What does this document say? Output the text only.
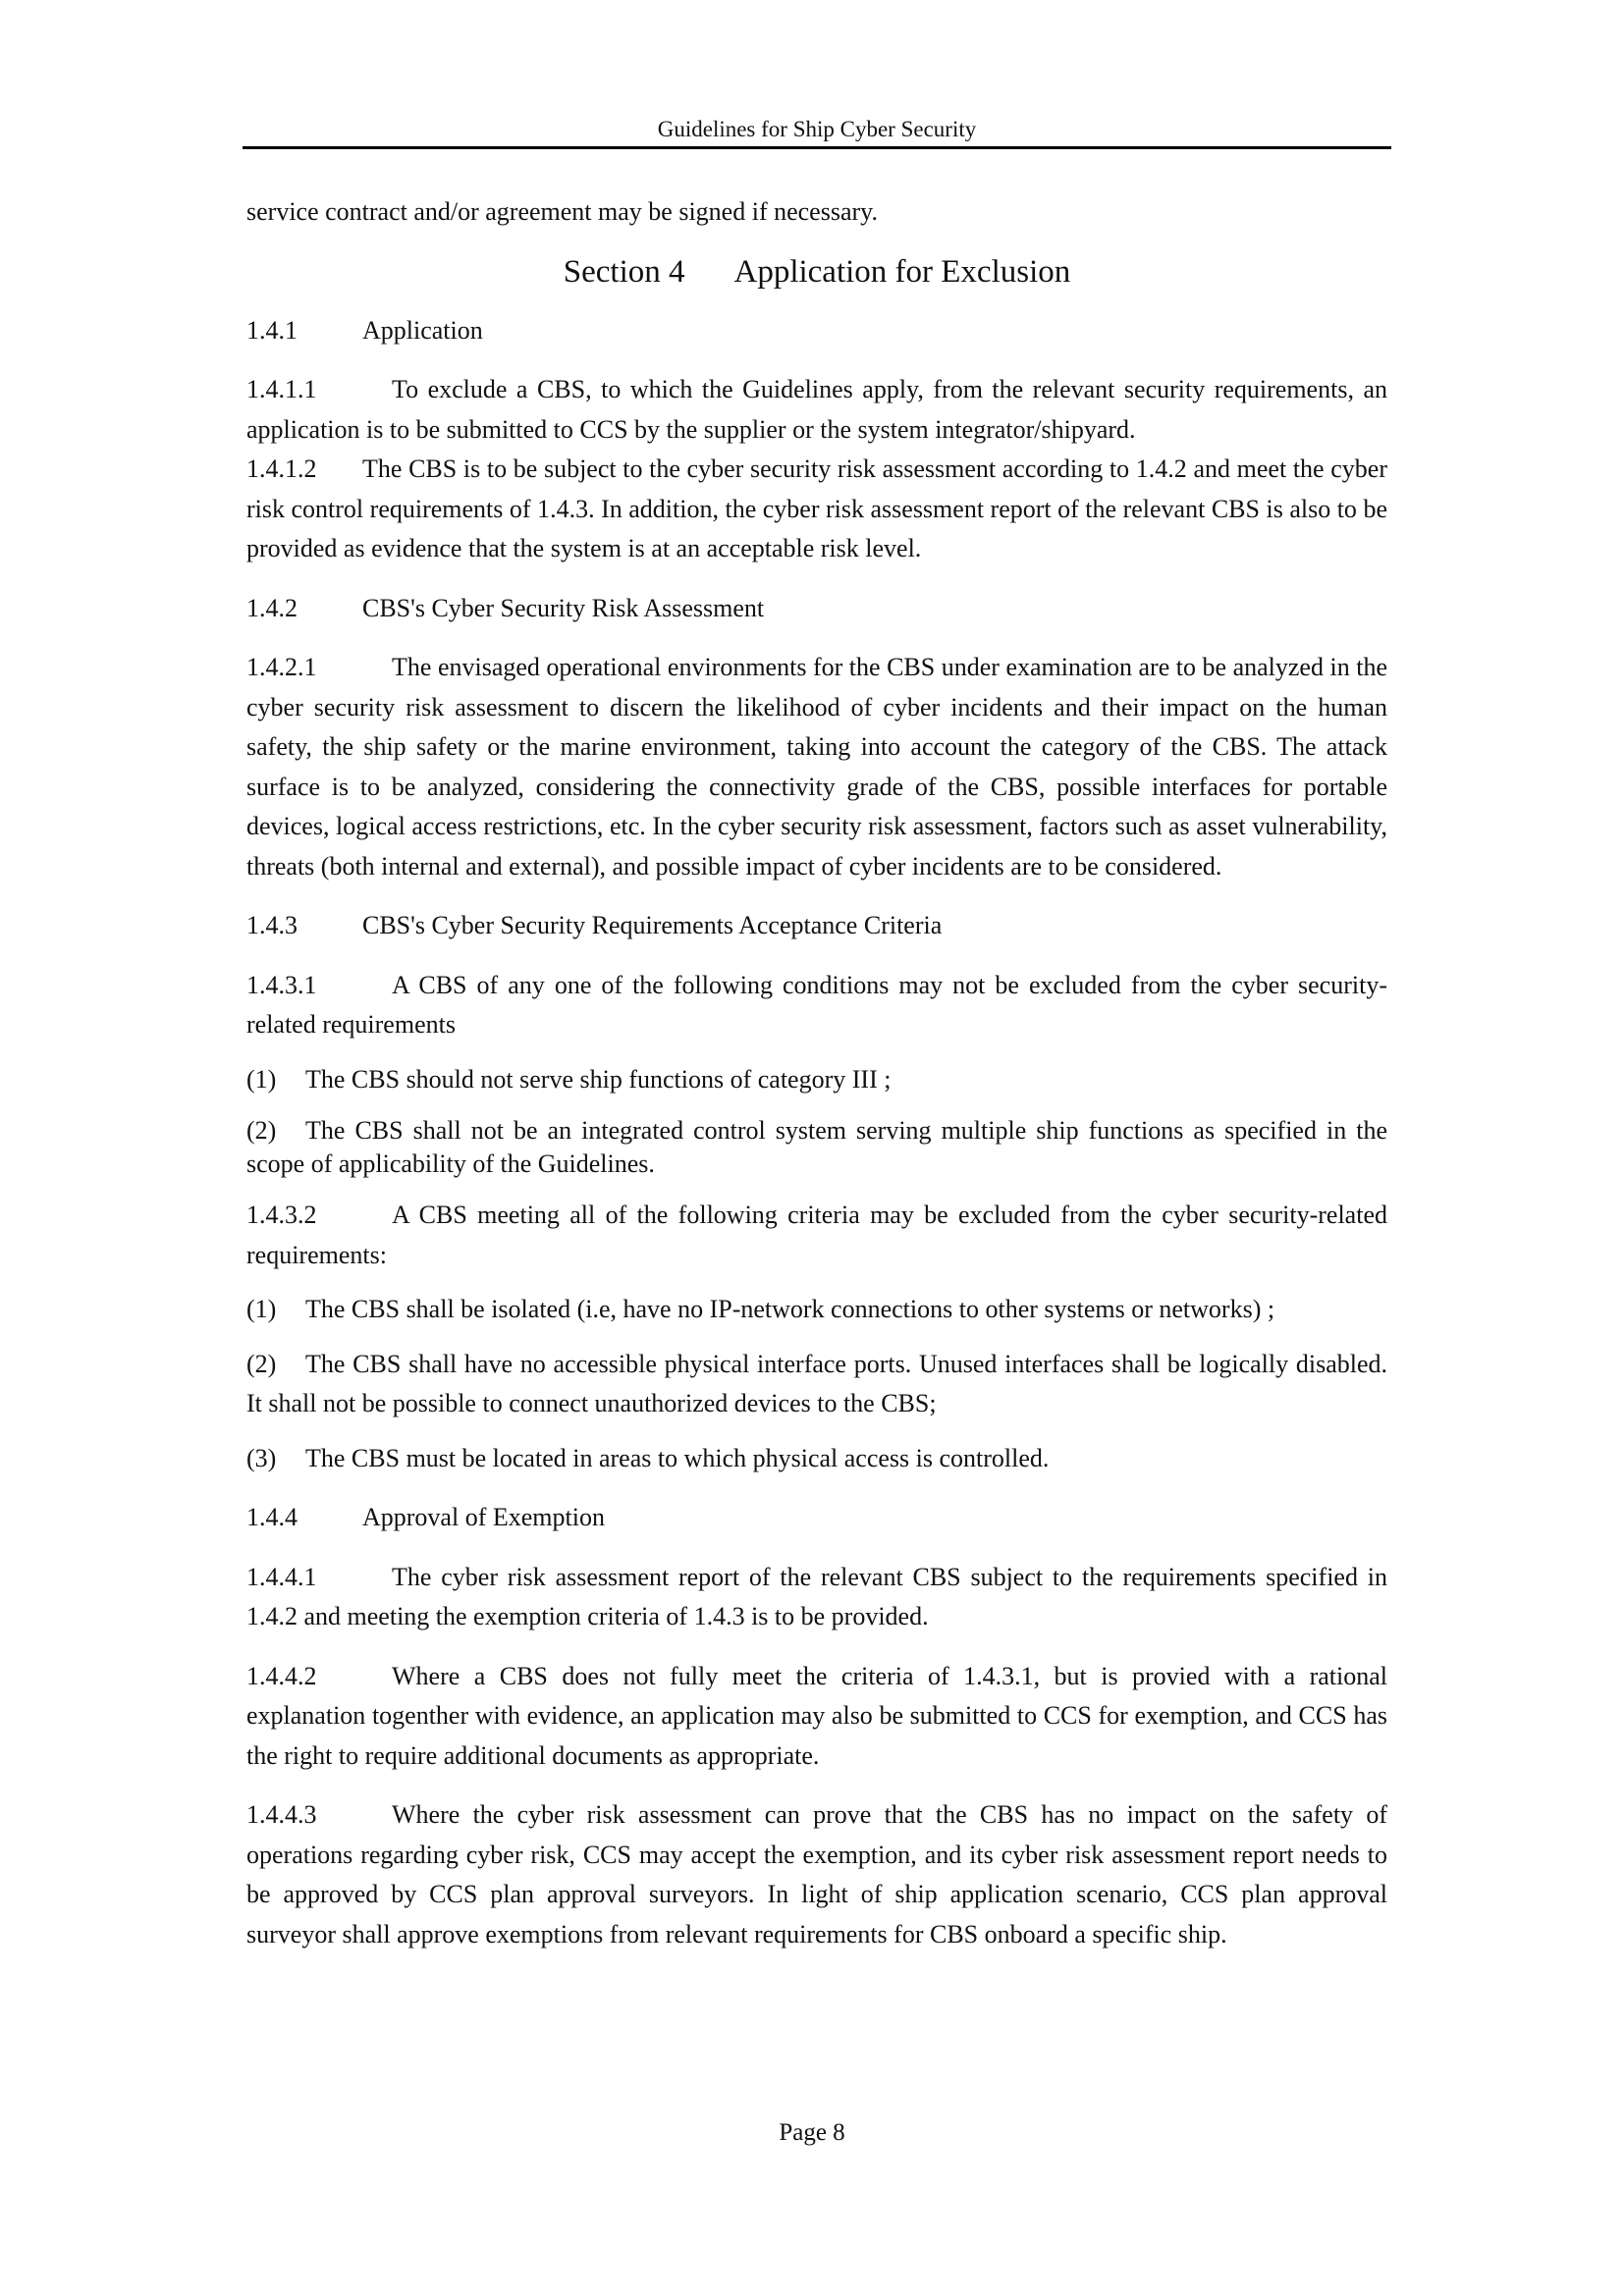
Guidelines for Ship Cyber Security

service contract and/or agreement may be signed if necessary.

Section 4 Application for Exclusion

1.4.1	Application

1.4.1.1	To exclude a CBS, to which the Guidelines apply, from the relevant security requirements, an application is to be submitted to CCS by the supplier or the system integrator/shipyard.

1.4.1.2 The CBS is to be subject to the cyber security risk assessment according to 1.4.2 and meet the cyber risk control requirements of 1.4.3. In addition, the cyber risk assessment report of the relevant CBS is also to be provided as evidence that the system is at an acceptable risk level.

1.4.2	CBS's Cyber Security Risk Assessment

1.4.2.1	The envisaged operational environments for the CBS under examination are to be analyzed in the cyber security risk assessment to discern the likelihood of cyber incidents and their impact on the human safety, the ship safety or the marine environment, taking into account the category of the CBS. The attack surface is to be analyzed, considering the connectivity grade of the CBS, possible interfaces for portable devices, logical access restrictions, etc. In the cyber security risk assessment, factors such as asset vulnerability, threats (both internal and external), and possible impact of cyber incidents are to be considered.

1.4.3	CBS's Cyber Security Requirements Acceptance Criteria

1.4.3.1	A CBS of any one of the following conditions may not be excluded from the cyber security-related requirements

(1) The CBS should not serve ship functions of category III ;

(2) The CBS shall not be an integrated control system serving multiple ship functions as specified in the scope of applicability of the Guidelines.

1.4.3.2	A CBS meeting all of the following criteria may be excluded from the cyber security-related requirements:

(1) The CBS shall be isolated (i.e, have no IP-network connections to other systems or networks) ;

(2) The CBS shall have no accessible physical interface ports. Unused interfaces shall be logically disabled. It shall not be possible to connect unauthorized devices to the CBS;

(3) The CBS must be located in areas to which physical access is controlled.

1.4.4	Approval of Exemption

1.4.4.1	The cyber risk assessment report of the relevant CBS subject to the requirements specified in 1.4.2 and meeting the exemption criteria of 1.4.3 is to be provided.

1.4.4.2	Where a CBS does not fully meet the criteria of 1.4.3.1, but is provied with a rational explanation togenther with evidence, an application may also be submitted to CCS for exemption, and CCS has the right to require additional documents as appropriate.

1.4.4.3	Where the cyber risk assessment can prove that the CBS has no impact on the safety of operations regarding cyber risk, CCS may accept the exemption, and its cyber risk assessment report needs to be approved by CCS plan approval surveyors. In light of ship application scenario, CCS plan approval surveyor shall approve exemptions from relevant requirements for CBS onboard a specific ship.

Page 8
